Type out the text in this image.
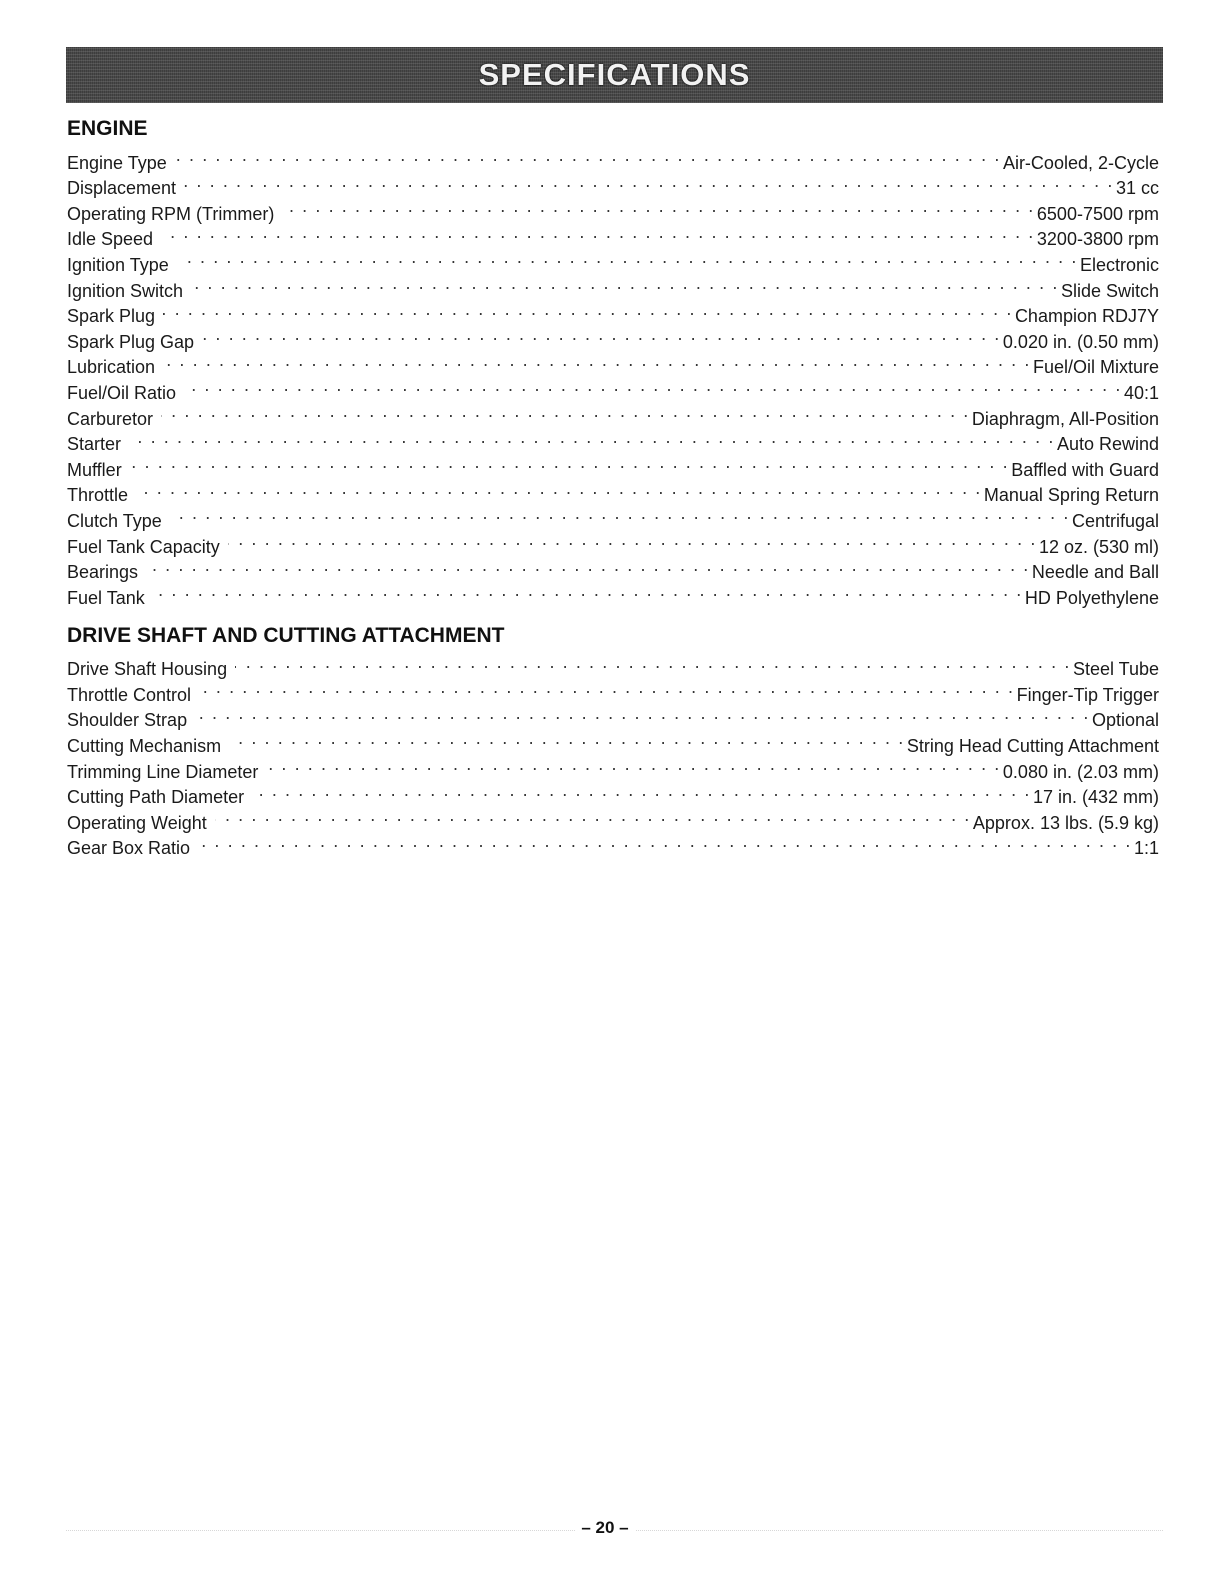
SPECIFICATIONS
ENGINE
Engine Type . . .	Air-Cooled, 2-Cycle
Displacement . . .	31 cc
Operating RPM (Trimmer) . . .	6500-7500 rpm
Idle Speed . . .	3200-3800 rpm
Ignition Type . . .	Electronic
Ignition Switch . . .	Slide Switch
Spark Plug . . .	Champion RDJ7Y
Spark Plug Gap . . .	0.020 in. (0.50 mm)
Lubrication . . .	Fuel/Oil Mixture
Fuel/Oil Ratio . . .	40:1
Carburetor . . .	Diaphragm, All-Position
Starter . . .	Auto Rewind
Muffler . . .	Baffled with Guard
Throttle . . .	Manual Spring Return
Clutch Type . . .	Centrifugal
Fuel Tank Capacity . . .	12 oz. (530 ml)
Bearings . . .	Needle and Ball
Fuel Tank . . .	HD Polyethylene
DRIVE SHAFT AND CUTTING ATTACHMENT
Drive Shaft Housing . . .	Steel Tube
Throttle Control . . .	Finger-Tip Trigger
Shoulder Strap . . .	Optional
Cutting Mechanism . . .	String Head Cutting Attachment
Trimming Line Diameter . . .	0.080 in. (2.03 mm)
Cutting Path Diameter . . .	17 in. (432 mm)
Operating Weight . . .	Approx. 13 lbs. (5.9 kg)
Gear Box Ratio . . .	1:1
– 20 –
